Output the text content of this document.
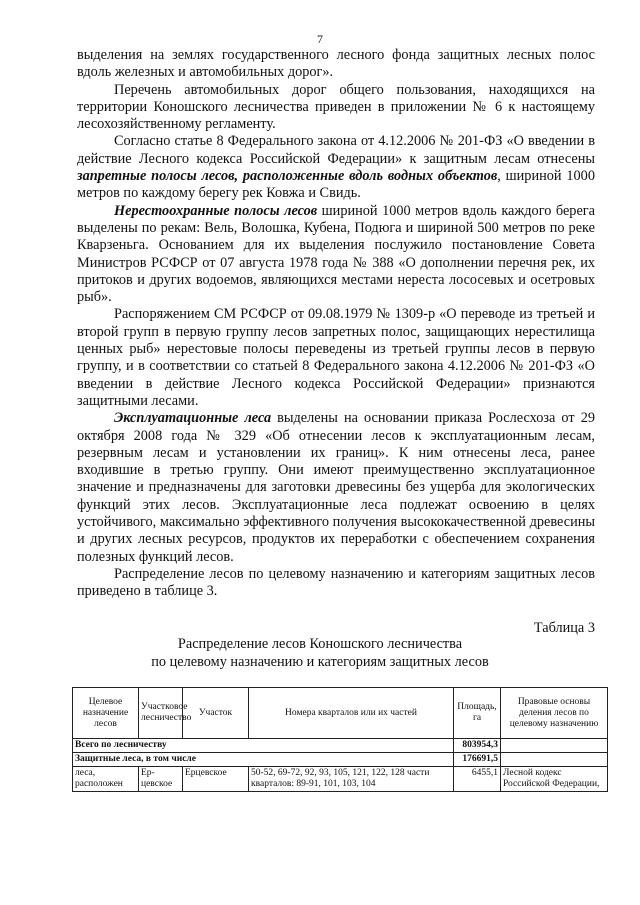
7

выделения на землях государственного лесного фонда защитных лесных полос вдоль железных и автомобильных дорог».

Перечень автомобильных дорог общего пользования, находящихся на территории Коношского лесничества приведен в приложении № 6 к настоящему лесохозяйственному регламенту.

Согласно статье 8 Федерального закона от 4.12.2006 № 201-ФЗ «О введении в действие Лесного кодекса Российской Федерации» к защитным лесам отнесены запретные полосы лесов, расположенные вдоль водных объектов, шириной 1000 метров по каждому берегу рек Ковжа и Свидь.

Нерестоохранные полосы лесов шириной 1000 метров вдоль каждого берега выделены по рекам: Вель, Волошка, Кубена, Подюга и шириной 500 метров по реке Кварзеньга. Основанием для их выделения послужило постановление Совета Министров РСФСР от 07 августа 1978 года № 388 «О дополнении перечня рек, их притоков и других водоемов, являющихся местами нереста лососевых и осетровых рыб».

Распоряжением СМ РСФСР от 09.08.1979 № 1309-р «О переводе из третьей и второй групп в первую группу лесов запретных полос, защищающих нерестилища ценных рыб» нерестовые полосы переведены из третьей группы лесов в первую группу, и в соответствии со статьей 8 Федерального закона 4.12.2006 № 201-ФЗ «О введении в действие Лесного кодекса Российской Федерации» признаются защитными лесами.

Эксплуатационные леса выделены на основании приказа Рослесхоза от 29 октября 2008 года № 329 «Об отнесении лесов к эксплуатационным лесам, резервным лесам и установлении их границ». К ним отнесены леса, ранее входившие в третью группу. Они имеют преимущественно эксплуатационное значение и предназначены для заготовки древесины без ущерба для экологических функций этих лесов. Эксплуатационные леса подлежат освоению в целях устойчивого, максимально эффективного получения высококачественной древесины и других лесных ресурсов, продуктов их переработки с обеспечением сохранения полезных функций лесов.

Распределение лесов по целевому назначению и категориям защитных лесов приведено в таблице 3.

Таблица 3
Распределение лесов Коношского лесничества
по целевому назначению и категориям защитных лесов
Целевое назначение лесов	Участковое лесничество	Участок	Номера кварталов или их частей	Площадь, га	Правовые основы деления лесов по целевому назначению
Всего по лесничеству				803954,3	
Защитные леса, в том числе				176691,5	
леса, расположен	Ер-цевское	Ерцевское	50-52, 69-72, 92, 93, 105, 121, 122, 128 части кварталов: 89-91, 101, 103, 104	6455,1	Лесной кодекс Российской Федерации,
